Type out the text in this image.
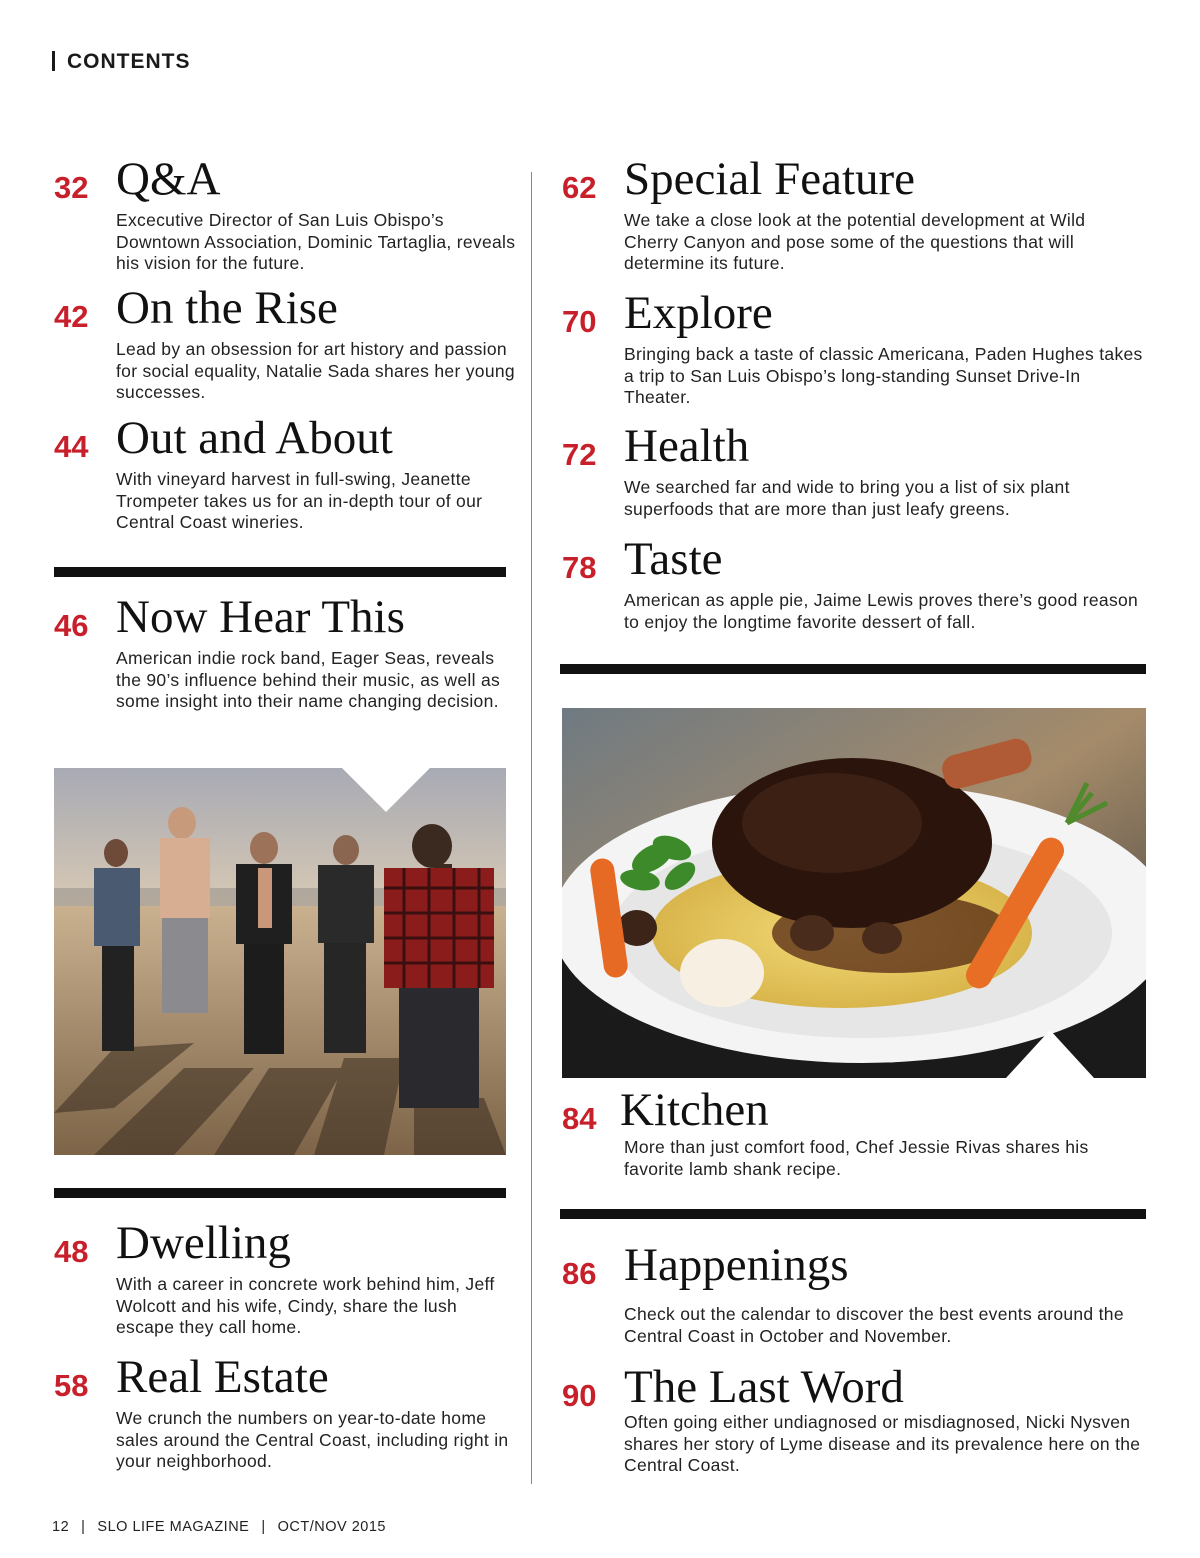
CONTENTS
32 Q&A
Excecutive Director of San Luis Obispo’s Downtown Association, Dominic Tartaglia, reveals his vision for the future.
42 On the Rise
Lead by an obsession for art history and passion for social equality, Natalie Sada shares her young successes.
44 Out and About
With vineyard harvest in full-swing, Jeanette Trompeter takes us for an in-depth tour of our Central Coast wineries.
46 Now Hear This
American indie rock band, Eager Seas, reveals the 90’s influence behind their music, as well as some insight into their name changing decision.
48 Dwelling
With a career in concrete work behind him, Jeff Wolcott and his wife, Cindy, share the lush escape they call home.
58 Real Estate
We crunch the numbers on year-to-date home sales around the Central Coast, including right in your neighborhood.
62 Special Feature
We take a close look at the potential development at Wild Cherry Canyon and pose some of the questions that will determine its future.
70 Explore
Bringing back a taste of classic Americana, Paden Hughes takes a trip to San Luis Obispo’s long-standing Sunset Drive-In Theater.
72 Health
We searched far and wide to bring you a list of six plant superfoods that are more than just leafy greens.
78 Taste
American as apple pie, Jaime Lewis proves there’s good reason to enjoy the longtime favorite dessert of fall.
84 Kitchen
More than just comfort food, Chef Jessie Rivas shares his favorite lamb shank recipe.
86 Happenings
Check out the calendar to discover the best events around the Central Coast in October and November.
90 The Last Word
Often going either undiagnosed or misdiagnosed, Nicki Nysven shares her story of Lyme disease and its prevalence here on the Central Coast.
12 | SLO LIFE MAGAZINE | OCT/NOV 2015
